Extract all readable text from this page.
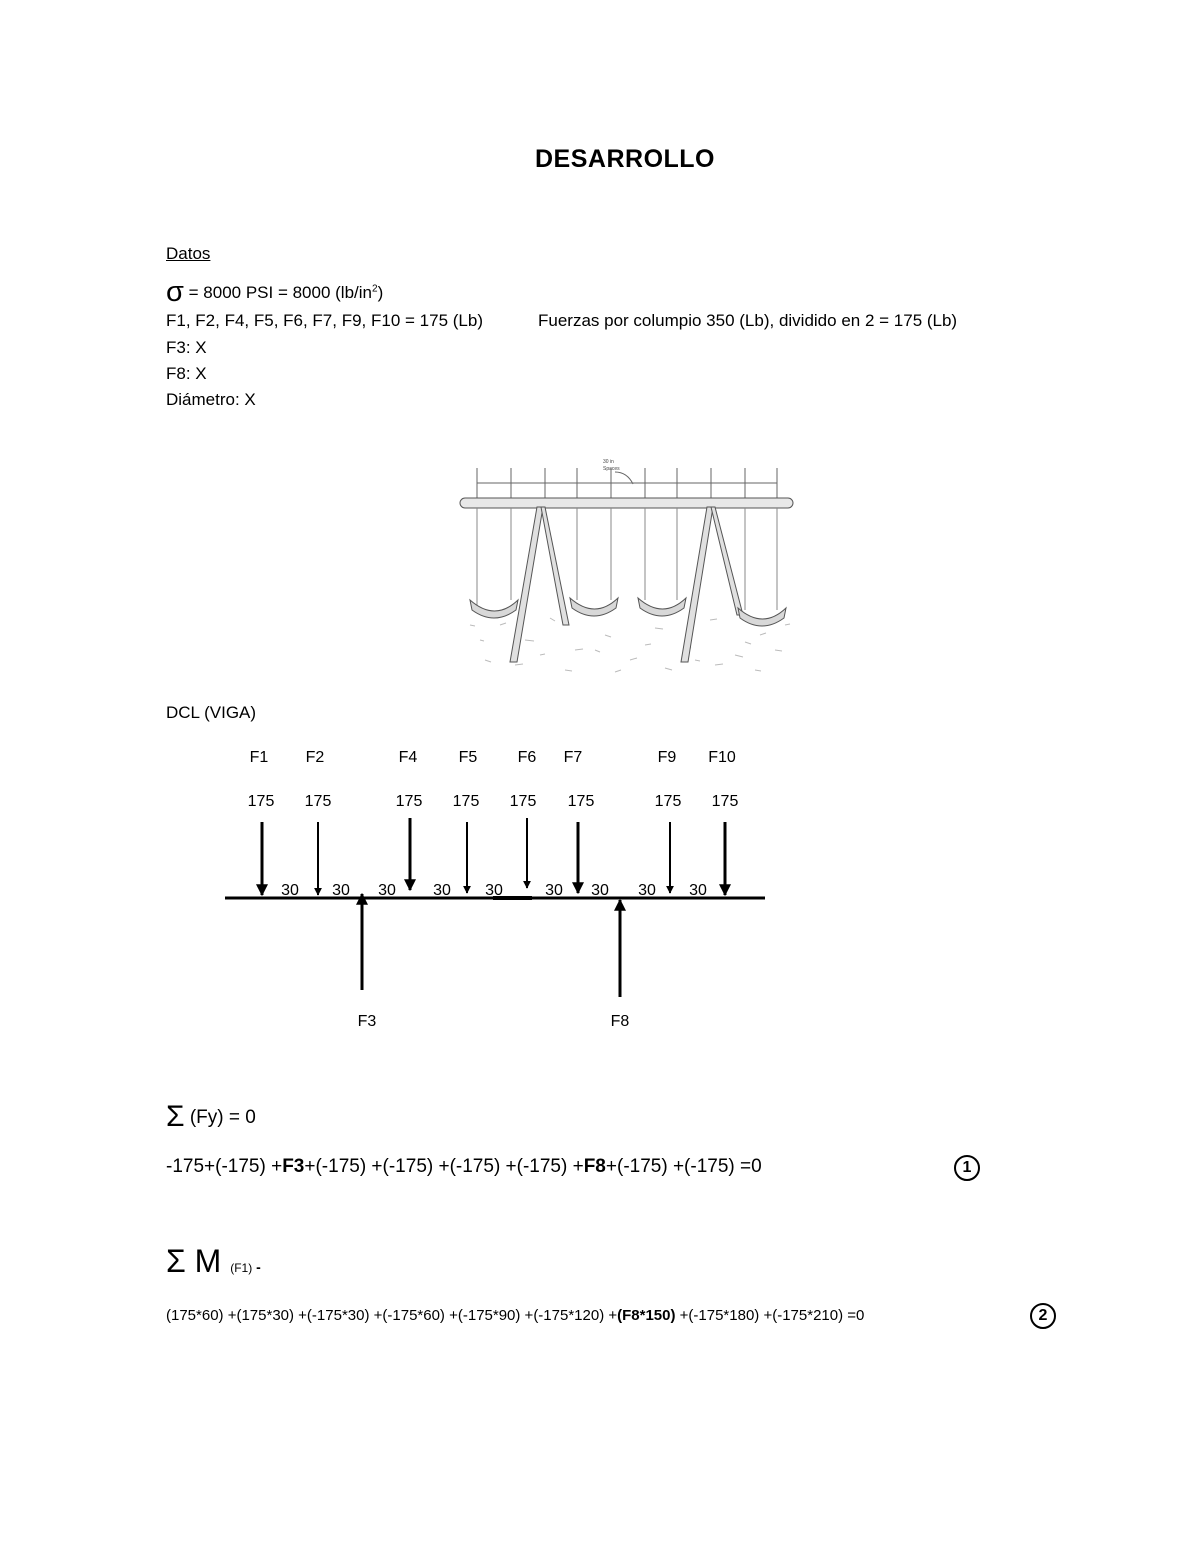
DESARROLLO
Datos
σ = 8000 PSI = 8000 $(lb/in^2)$
F1, F2, F4, F5, F6, F7, F9, F10 = 175 (Lb)	Fuerzas por columpio 350 (Lb), dividido en 2 = 175 (Lb)
F3: X
F8: X
Diámetro: X
30 in
Spaces
DCL (VIGA)
F1
175
F2
175
F4
175
F5
175
F6
175
F7
175
F9
175
F10
175
30 30 30 30 30	30 30 30 30
F3	F8
Σ (Fy) = 0
-175+(-175) +F3+(-175) +(-175) +(-175) +(-175) +F8+(-175) +(-175) =0	1
Σ M (F1) -
(175*60) +(175*30) +(-175*30) +(-175*60) +(-175*90) +(-175*120) +(F8*150) +(-175*180) +(-175*210) =0	2
